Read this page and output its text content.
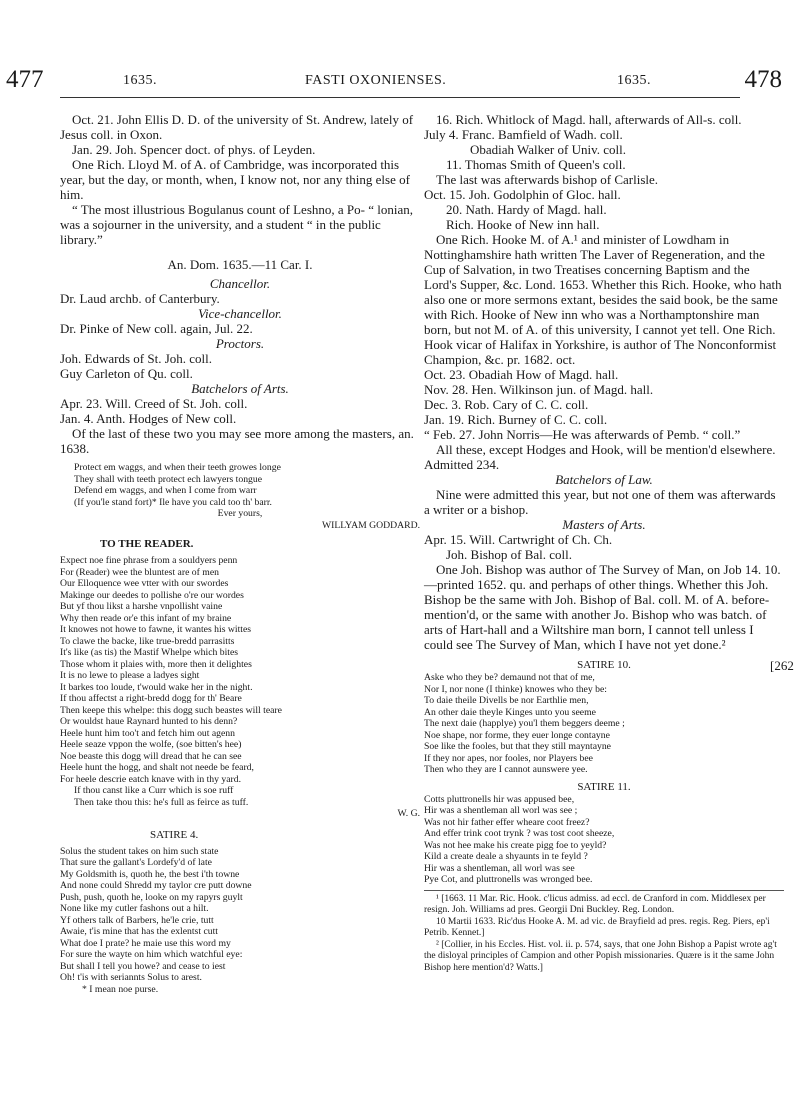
477	1635.	FASTI OXONIENSES.	1635.	478

Oct. 21. John Ellis D. D. of the university of St. Andrew, lately of Jesus coll. in Oxon.

Jan. 29. Joh. Spencer doct. of phys. of Leyden.

One Rich. Lloyd M. of A. of Cambridge, was incorporated this year, but the day, or month, when, I know not, nor any thing else of him.

“ The most illustrious Bogulanus count of Leshno, a Po- “ lonian, was a sojourner in the university, and a student “ in the public library.”

An. Dom. 1635.—11 Car. I.

Chancellor.

Dr. Laud archb. of Canterbury.

Vice-chancellor.

Dr. Pinke of New coll. again, Jul. 22.

Proctors.

Joh. Edwards of St. Joh. coll.

Guy Carleton of Qu. coll.

Batchelors of Arts.

Apr. 23. Will. Creed of St. Joh. coll.

Jan. 4. Anth. Hodges of New coll.

Of the last of these two you may see more among the masters, an. 1638.

Protect em waggs, and when their teeth growes longe

They shall with teeth protect ech lawyers tongue

Defend em waggs, and when I come from warr

(If you'le stand fort)* Ile have you cald too th' barr.

Ever yours,

WILLYAM GODDARD.

TO THE READER.

Expect noe fine phrase from a souldyers penn

For (Reader) wee the bluntest are of men

Our Elloquence wee vtter with our swordes

Makinge our deedes to pollishe o're our wordes

But yf thou likst a harshe vnpollisht vaine

Why then reade or'e this infant of my braine

It knowes not howe to fawne, it wantes his wittes

To clawe the backe, like true-bredd parrasitts

It's like (as tis) the Mastif Whelpe which bites

Those whom it plaies with, more then it delightes

It is no lewe to please a ladyes sight

It barkes too loude, t'would wake her in the night.

If thou affectst a right-bredd dogg for th' Beare

Then keepe this whelpe: this dogg such beastes will teare

Or wouldst haue Raynard hunted to his denn?

Heele hunt him too't and fetch him out agenn

Heele seaze vppon the wolfe, (soe bitten's hee)

Noe beaste this dogg will dread that he can see

Heele hunt the hogg, and shalt not neede be feard,

For heele descrie eatch knave with in thy yard.

If thou canst like a Curr which is soe ruff

Then take thou this: he's full as feirce as tuff.

W. G.

SATIRE 4.

Solus the student takes on him such state

That sure the gallant's Lordefy'd of late

My Goldsmith is, quoth he, the best i'th towne

And none could Shredd my taylor cre putt downe

Push, push, quoth he, looke on my rapyrs guylt

None like my cutler fashons out a hilt.

Yf others talk of Barbers, he'le crie, tutt

Awaie, t'is mine that has the exlentst cutt

What doe I prate? he maie use this word my

For sure the wayte on him which watchful eye:

But shall I tell you howe? and cease to iest

Oh! t'is with seriannts Solus to arest.

* I mean noe purse.

16. Rich. Whitlock of Magd. hall, afterwards of All-s. coll.

July 4. Franc. Bamfield of Wadh. coll.

Obadiah Walker of Univ. coll.

11. Thomas Smith of Queen's coll.

The last was afterwards bishop of Carlisle.

Oct. 15. Joh. Godolphin of Gloc. hall.

20. Nath. Hardy of Magd. hall.

Rich. Hooke of New inn hall.

One Rich. Hooke M. of A.¹ and minister of Lowdham in Nottinghamshire hath written The Laver of Regeneration, and the Cup of Salvation, in two Treatises concerning Baptism and the Lord's Supper, &c. Lond. 1653. Whether this Rich. Hooke, who hath also one or more sermons extant, besides the said book, be the same with Rich. Hooke of New inn who was a Northamptonshire man born, but not M. of A. of this university, I cannot yet tell. One Rich. Hook vicar of Halifax in Yorkshire, is author of The Nonconformist Champion, &c. pr. 1682. oct.

Oct. 23. Obadiah How of Magd. hall.

Nov. 28. Hen. Wilkinson jun. of Magd. hall.

Dec. 3. Rob. Cary of C. C. coll.

Jan. 19. Rich. Burney of C. C. coll.

“ Feb. 27. John Norris—He was afterwards of Pemb. “ coll.”

All these, except Hodges and Hook, will be mention'd elsewhere.

Admitted 234.

Batchelors of Law.

Nine were admitted this year, but not one of them was afterwards a writer or a bishop.

Masters of Arts.

Apr. 15. Will. Cartwright of Ch. Ch.

Joh. Bishop of Bal. coll.

One Joh. Bishop was author of The Survey of Man, on Job 14. 10.—printed 1652. qu. and perhaps of other things. Whether this Joh. Bishop be the same with Joh. Bishop of Bal. coll. M. of A. before-mention'd, or the same with another Jo. Bishop who was batch. of arts of Hart-hall and a Wiltshire man born, I cannot tell unless I could see The Survey of Man, which I have not yet done.²

SATIRE 10.

Aske who they be? demaund not that of me,

Nor I, nor none (I thinke) knowes who they be:

To daie theile Divells be nor Earthlie men,

An other daie theyle Kinges unto you seeme

The next daie (happlye) you'l them beggers deeme ;

Noe shape, nor forme, they euer longe contayne

Soe like the fooles, but that they still mayntayne

If they nor apes, nor fooles, nor Players bee

Then who they are I cannot aunswere yee.

SATIRE 11.

Cotts pluttronells hir was appused bee,

Hir was a shentleman all worl was see ;

Was not hir father effer wheare coot freez?

And effer trink coot trynk ? was tost coot sheeze,

Was not hee make his create pigg foe to yeyld?

Kild a create deale a shyaunts in te feyld ?

Hir was a shentleman, all worl was see

Pye Cot, and pluttronells was wronged bee.

¹ [1663. 11 Mar. Ric. Hook. c'licus admiss. ad eccl. de Cranford in com. Middlesex per resign. Joh. Williams ad pres. Georgii Dni Buckley. Reg. London.

10 Martii 1633. Ric'dus Hooke A. M. ad vic. de Brayfield ad pres. regis. Reg. Piers, ep'i Petrib. Kennet.]

² [Collier, in his Eccles. Hist. vol. ii. p. 574, says, that one John Bishop a Papist wrote ag't the disloyal principles of Campion and other Popish missionaries. Quære is it the same John Bishop here mention'd? Watts.]

[262
